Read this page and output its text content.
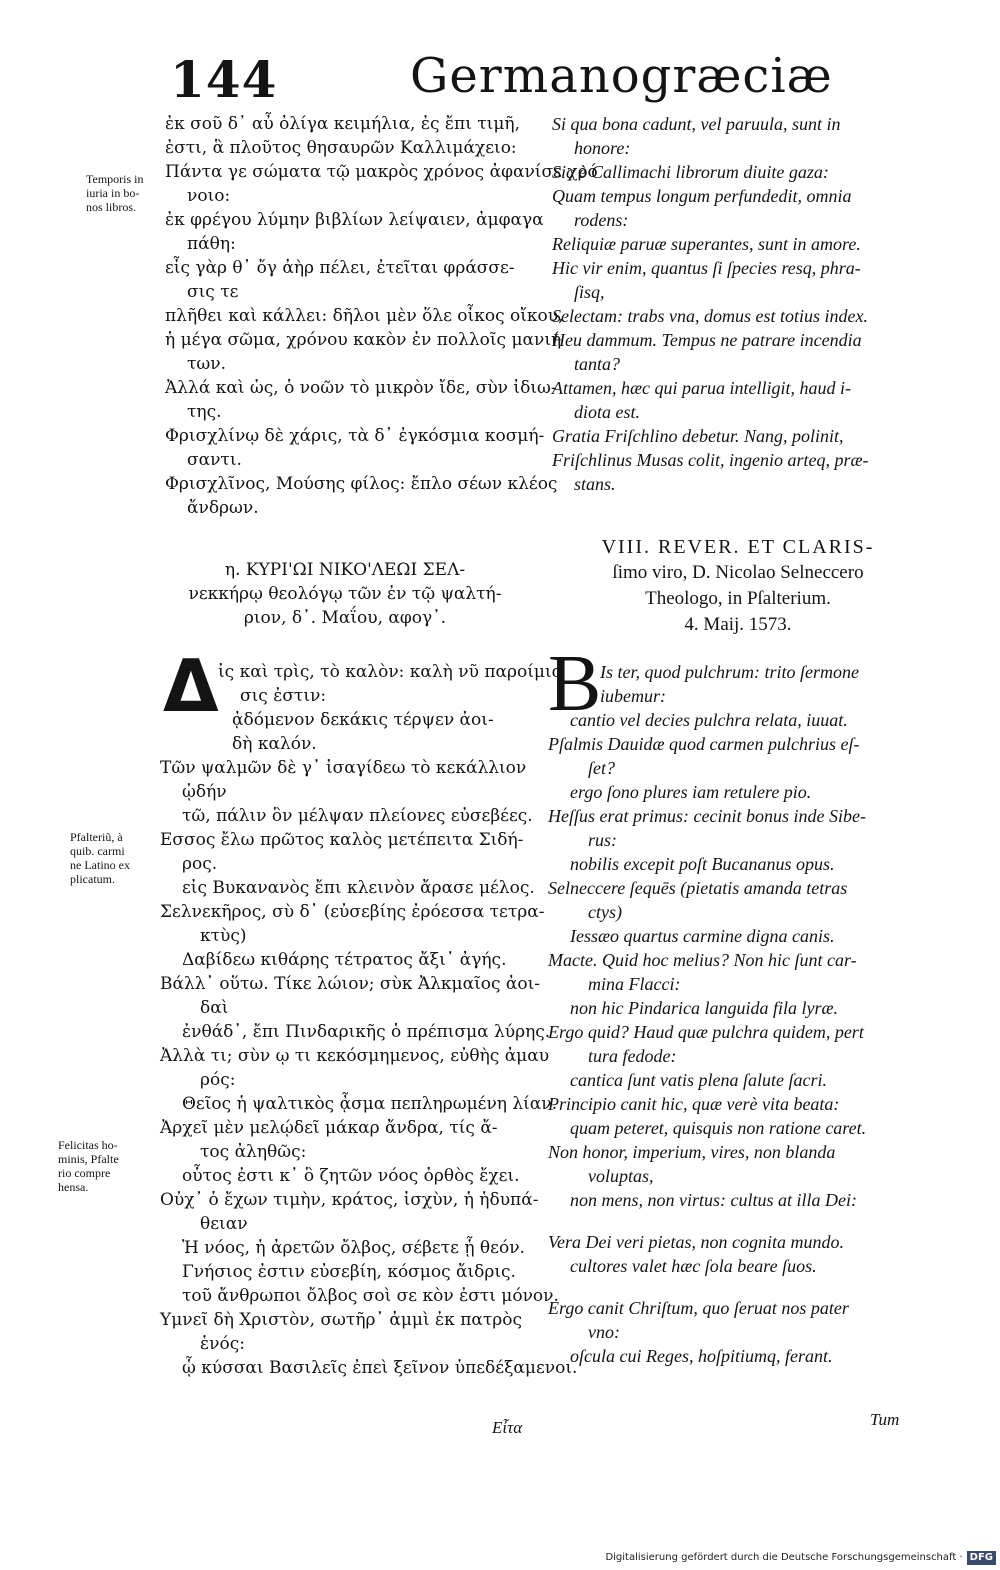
144	Germanogræciæ
Temporis in
iuria in bo-
nos libros.
Pfalteriũ, à
quib. carmi
ne Latino ex
plicatum.
Felicitas ho-
minis, Pfalte
rio compre
hensa.
ἐκ σοῦ δ᾽ αὖ ὀλίγα κειμήλια, ἐς ἔπι τιμῆ,
ἐστι, ἃ πλοῦτος θησαυρῶν Καλλιμάχειο:
Πάντα γε σώματα τῷ μακρὸς χρόνος ἀφανίσε χρό
νοιο:
ἐκ φρέγου λύμην βιβλίων λείψαιεν, ἀμφαγα
πάθη:
εἶς γὰρ θ᾽ ὄγ ἀὴρ πέλει, ἐτεῖται φράσσε-
σις τε
πλῆθει καὶ κάλλει: δῆλοι μὲν ὅλε οἶκος οἴκου,
ἡ μέγα σῶμα, χρόνου κακὸν ἐν πολλοῖς μανιή
των.
Ἀλλά καὶ ὡς, ὁ νοῶν τὸ μικρὸν ἴδε, σὺν ἰδιω-
της.
Φρισχλίνῳ δὲ χάρις, τὰ δ᾽ ἐγκόσμια κοσμή-
σαντι.
Φρισχλῖνος, Μούσης φίλος: ἔπλο σέων κλέος
ἄνδρων.
Si qua bona cadunt, vel paruula, sunt in
honore:
Sic è Callimachi librorum diuite gaza:
Quam tempus longum perfundedit, omnia
rodens:
Reliquiæ paruæ superantes, sunt in amore.
Hic vir enim, quantus ſi ſpecies resq, phra-
ſisq,
Selectam: trabs vna, domus est totius index.
Heu dammum. Tempus ne patrare incendia
tanta?
Attamen, hæc qui parua intelligit, haud i-
diota est.
Gratia Friſchlino debetur. Nang, polinit,
Friſchlinus Musas colit, ingenio arteq, præ-
stans.
η. ΚΥΡΙ'ΩΙ ΝΙΚΟ'ΛΕΩΙ ΣΕΛ-
νεκκήρῳ θεολόγῳ τῶν ἐν τῷ ψαλτή-
ριον, δ᾽. Μαΐου, αφογ᾽.
VIII. REVER. ET CLARIS-
ſimo viro, D. Nicolao Selneccero
Theologo, in Pſalterium.
4. Maij. 1573.
Δ	B
ἰς καὶ τρὶς, τὸ καλὸν: καλὴ νῦ παροίμια
σις ἐστιν:
ᾀδόμενον δεκάκις τέρψεν ἀοι-
δὴ καλόν.
Τῶν ψαλμῶν δὲ γ᾽ ἰσαγίδεω τὸ κεκάλλιον
ᾠδήν
τῶ, πάλιν ὃν μέλψαν πλείονες εὐσεβέες.
Εσσος ἔλω πρῶτος καλὸς μετέπειτα Σιδή-
ρος.
εἰς Βυκανανὸς ἔπι κλεινὸν ἄρασε μέλος.
Σελνεκῆρος, σὺ δ᾽ (εὐσεβίης ἐρόεσσα τετρα-
κτὺς)
Δαβίδεω κιθάρης τέτρατος ἄξι᾽ ἀγής.
Βάλλ᾽ οὕτω. Τίκε λώιον; σὺκ Ἀλκμαῖος ἀοι-
δαὶ
ἐνθάδ᾽, ἔπι Πινδαρικῆς ὁ πρέπισμα λύρης.
Ἀλλὰ τι; σὺν ῳ τι κεκόσμημενος, εὐθὴς ἀμαυ
ρός:
Θεῖος ἡ ψαλτικὸς ᾆσμα πεπληρωμένη λίαν.
Ἀρχεῖ μὲν μελῴδεῖ μάκαρ ἄνδρα, τίς ἄ-
τος ἀληθῶς:
οὗτος ἐστι κ᾽ ὃ ζητῶν νόος ὀρθὸς ἔχει.
Οὐχ᾽ ὁ ἔχων τιμὴν, κράτος, ἰσχὺν, ἡ ἡδυπά-
θειαν
Ἡ νόος, ἡ ἀρετῶν ὄλβος, σέβετε ᾗ θεόν.
Γνήσιος ἐστιν εὐσεβίη, κόσμος ἄιδρις.
τοῦ ἄνθρωποι ὄλβος σοὶ σε κὸν ἐστι μόνον.
Υμνεῖ δὴ Χριστὸν, σωτῆρ᾽ ἀμμὶ ἐκ πατρὸς
ἑνός:
ᾧ κύσσαι Βασιλεῖς ἐπεὶ ξεῖνον ὑπεδέξαμενοι.
Is ter, quod pulchrum: trito ſermone
iubemur:
cantio vel decies pulchra relata, iuuat.
Pſalmis Dauidæ quod carmen pulchrius eſ-
ſet?
ergo ſono plures iam retulere pio.
Heſſus erat primus: cecinit bonus inde Sibe-
rus:
nobilis excepit poſt Bucananus opus.
Selneccere ſequēs (pietatis amanda tetras
ctys)
Iessæo quartus carmine digna canis.
Macte. Quid hoc melius? Non hic ſunt car-
mina Flacci:
non hic Pindarica languida fila lyræ.
Ergo quid? Haud quæ pulchra quidem, pert
tura fedode:
cantica ſunt vatis plena ſalute ſacri.
Principio canit hic, quæ verè vita beata:
quam peteret, quisquis non ratione caret.
Non honor, imperium, vires, non blanda
voluptas,
non mens, non virtus: cultus at illa Dei:
Vera Dei veri pietas, non cognita mundo.
cultores valet hæc ſola beare ſuos.
Ergo canit Chriſtum, quo ſeruat nos pater
vno:
oſcula cui Reges, hoſpitiumq, ferant.
Εἶτα	Tum
Digitalisierung gefördert durch die Deutsche Forschungsgemeinschaft · DFG
